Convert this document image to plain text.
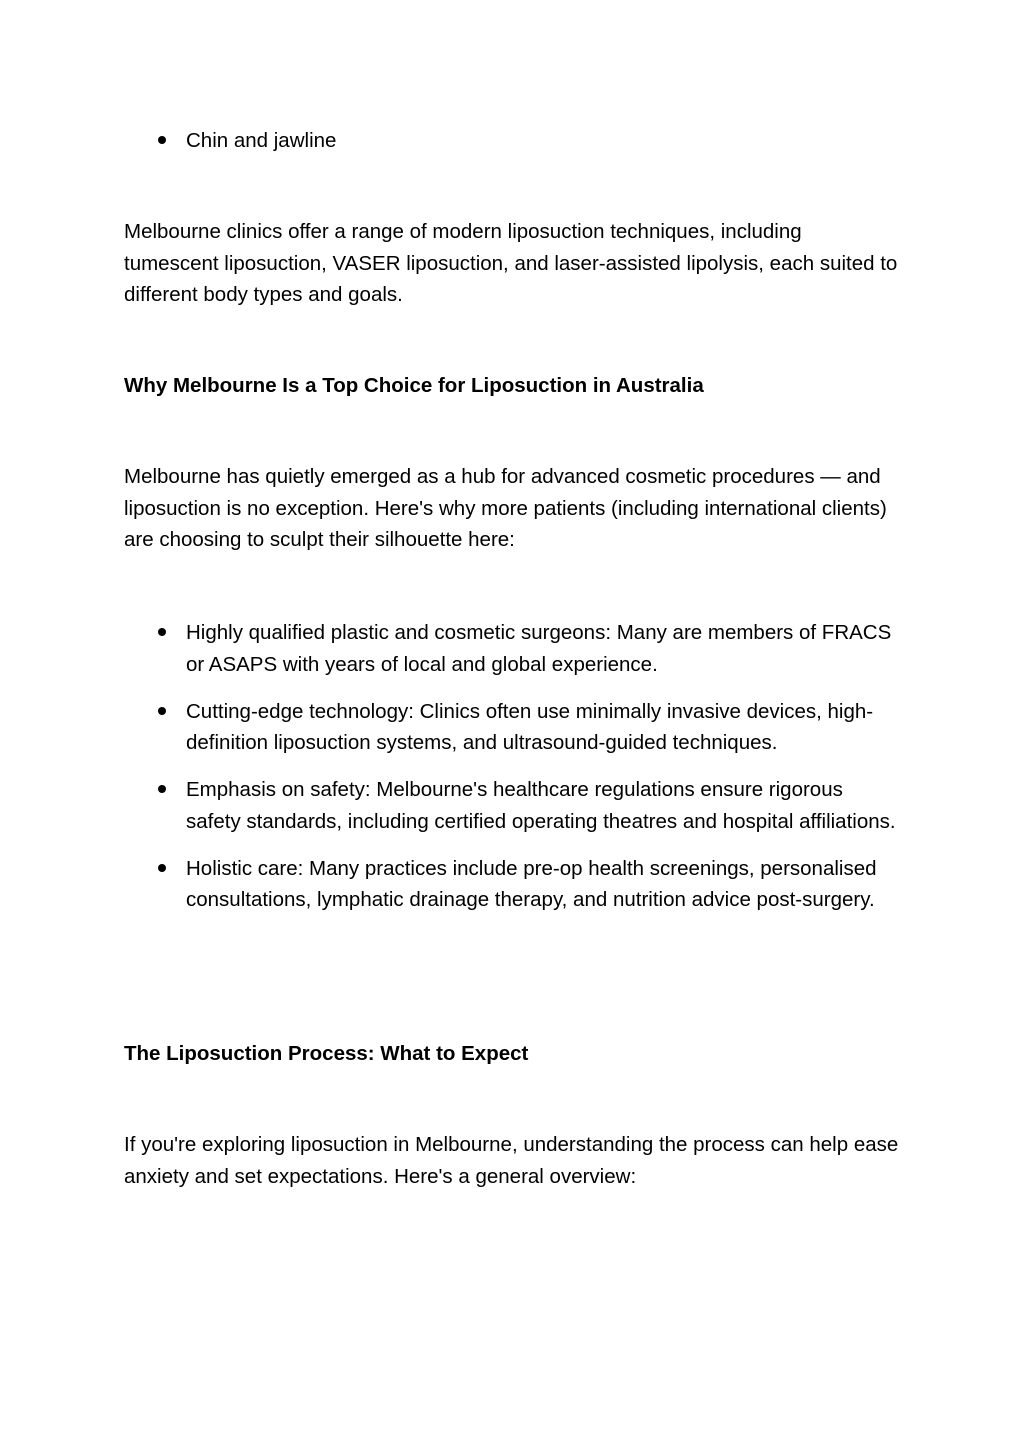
Chin and jawline

Melbourne clinics offer a range of modern liposuction techniques, including tumescent liposuction, VASER liposuction, and laser-assisted lipolysis, each suited to different body types and goals.

Why Melbourne Is a Top Choice for Liposuction in Australia

Melbourne has quietly emerged as a hub for advanced cosmetic procedures — and liposuction is no exception. Here's why more patients (including international clients) are choosing to sculpt their silhouette here:

Highly qualified plastic and cosmetic surgeons: Many are members of FRACS or ASAPS with years of local and global experience.
Cutting-edge technology: Clinics often use minimally invasive devices, high-definition liposuction systems, and ultrasound-guided techniques.
Emphasis on safety: Melbourne's healthcare regulations ensure rigorous safety standards, including certified operating theatres and hospital affiliations.
Holistic care: Many practices include pre-op health screenings, personalised consultations, lymphatic drainage therapy, and nutrition advice post-surgery.

The Liposuction Process: What to Expect

If you're exploring liposuction in Melbourne, understanding the process can help ease anxiety and set expectations. Here's a general overview:
